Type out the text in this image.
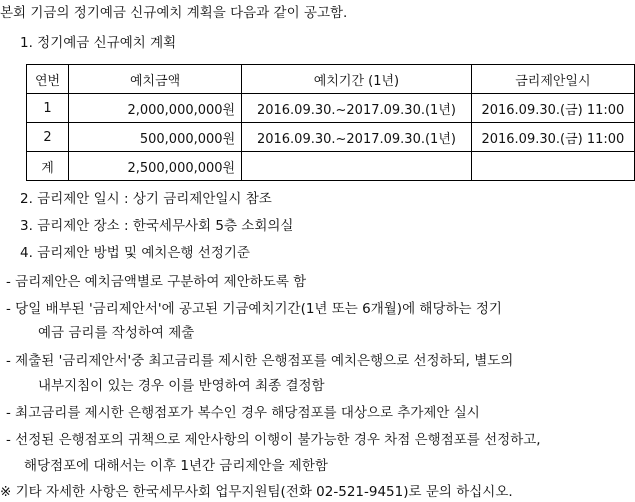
본회 기금의 정기예금 신규예치 계획을 다음과 같이 공고함.
1. 정기예금 신규예치 계획
연번	예치금액	예치기간 (1년)	금리제안일시
1	2,000,000,000원	2016.09.30.~2017.09.30.(1년)	2016.09.30.(금) 11:00
2	500,000,000원	2016.09.30.~2017.09.30.(1년)	2016.09.30.(금) 11:00
계	2,500,000,000원		
2. 금리제안 일시 : 상기 금리제안일시 참조
3. 금리제안 장소 : 한국세무사회 5층 소회의실
4. 금리제안 방법 및 예치은행 선정기준
- 금리제안은 예치금액별로 구분하여 제안하도록 함
- 당일 배부된 '금리제안서'에 공고된 기금예치기간(1년 또는 6개월)에 해당하는 정기
예금 금리를 작성하여 제출
- 제출된 '금리제안서'중 최고금리를 제시한 은행점포를 예치은행으로 선정하되, 별도의
내부지침이 있는 경우 이를 반영하여 최종 결정함
- 최고금리를 제시한 은행점포가 복수인 경우 해당점포를 대상으로 추가제안 실시
- 선정된 은행점포의 귀책으로 제안사항의 이행이 불가능한 경우 차점 은행점포를 선정하고,
해당점포에 대해서는 이후 1년간 금리제안을 제한함
※ 기타 자세한 사항은 한국세무사회 업무지원팀(전화 02-521-9451)로 문의 하십시오.
